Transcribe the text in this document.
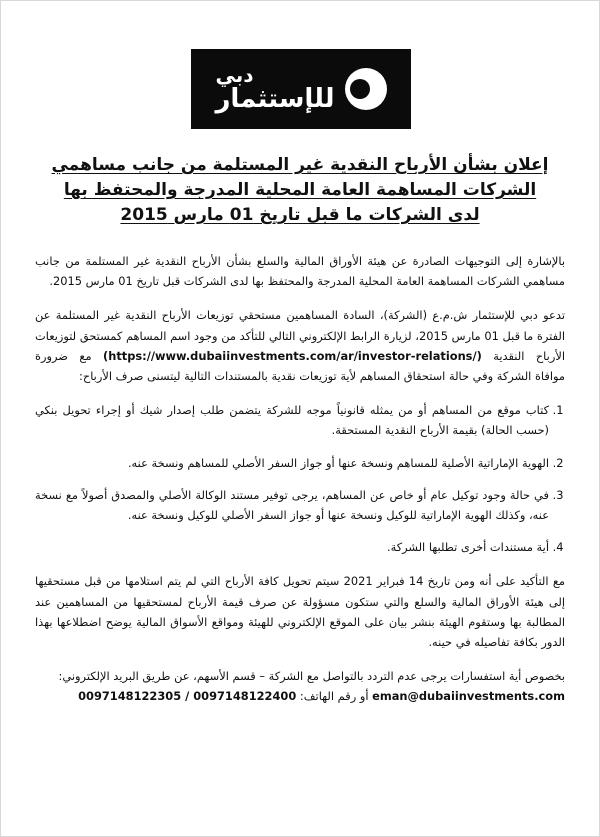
دبي
للإستثمار
إعلان بشأن الأرباح النقدية غير المستلمة من جانب مساهمي
الشركات المساهمة العامة المحلية المدرجة والمحتفظ بها
لدى الشركات ما قبل تاريخ 01 مارس 2015

بالإشارة إلى التوجيهات الصادرة عن هيئة الأوراق المالية والسلع بشأن الأرباح النقدية غير المستلمة من جانب مساهمي الشركات المساهمة العامة المحلية المدرجة والمحتفظ بها لدى الشركات قبل تاريخ 01 مارس 2015.

تدعو دبي للإستثمار ش.م.ع (الشركة)، السادة المساهمين مستحقي توزيعات الأرباح النقدية غير المستلمة عن الفترة ما قبل 01 مارس 2015، لزيارة الرابط الإلكتروني التالي للتأكد من وجود اسم المساهم كمستحق لتوزيعات الأرباح النقدية (https://www.dubaiinvestments.com/ar/investor-relations/) مع ضرورة موافاة الشركة وفي حالة استحقاق المساهم لأية توزيعات نقدية بالمستندات التالية ليتسنى صرف الأرباح:

1. كتاب موقع من المساهم أو من يمثله قانونياً موجه للشركة يتضمن طلب إصدار شيك أو إجراء تحويل بنكي (حسب الحالة) بقيمة الأرباح النقدية المستحقة.
2. الهوية الإماراتية الأصلية للمساهم ونسخة عنها أو جواز السفر الأصلي للمساهم ونسخة عنه.
3. في حالة وجود توكيل عام أو خاص عن المساهم، يرجى توفير مستند الوكالة الأصلي والمصدق أصولاً مع نسخة عنه، وكذلك الهوية الإماراتية للوكيل ونسخة عنها أو جواز السفر الأصلي للوكيل ونسخة عنه.
4. أية مستندات أخرى تطلبها الشركة.

مع التأكيد على أنه ومن تاريخ 14 فبراير 2021 سيتم تحويل كافة الأرباح التي لم يتم استلامها من قبل مستحقيها إلى هيئة الأوراق المالية والسلع والتي ستكون مسؤولة عن صرف قيمة الأرباح لمستحقيها من المساهمين عند المطالبة بها وستقوم الهيئة بنشر بيان على الموقع الإلكتروني للهيئة ومواقع الأسواق المالية يوضح اضطلاعها بهذا الدور بكافة تفاصيله في حينه.

بخصوص أية استفسارات يرجى عدم التردد بالتواصل مع الشركة – قسم الأسهم، عن طريق البريد الإلكتروني:
eman@dubaiinvestments.com أو رقم الهاتف: 0097148122305 / 0097148122400
